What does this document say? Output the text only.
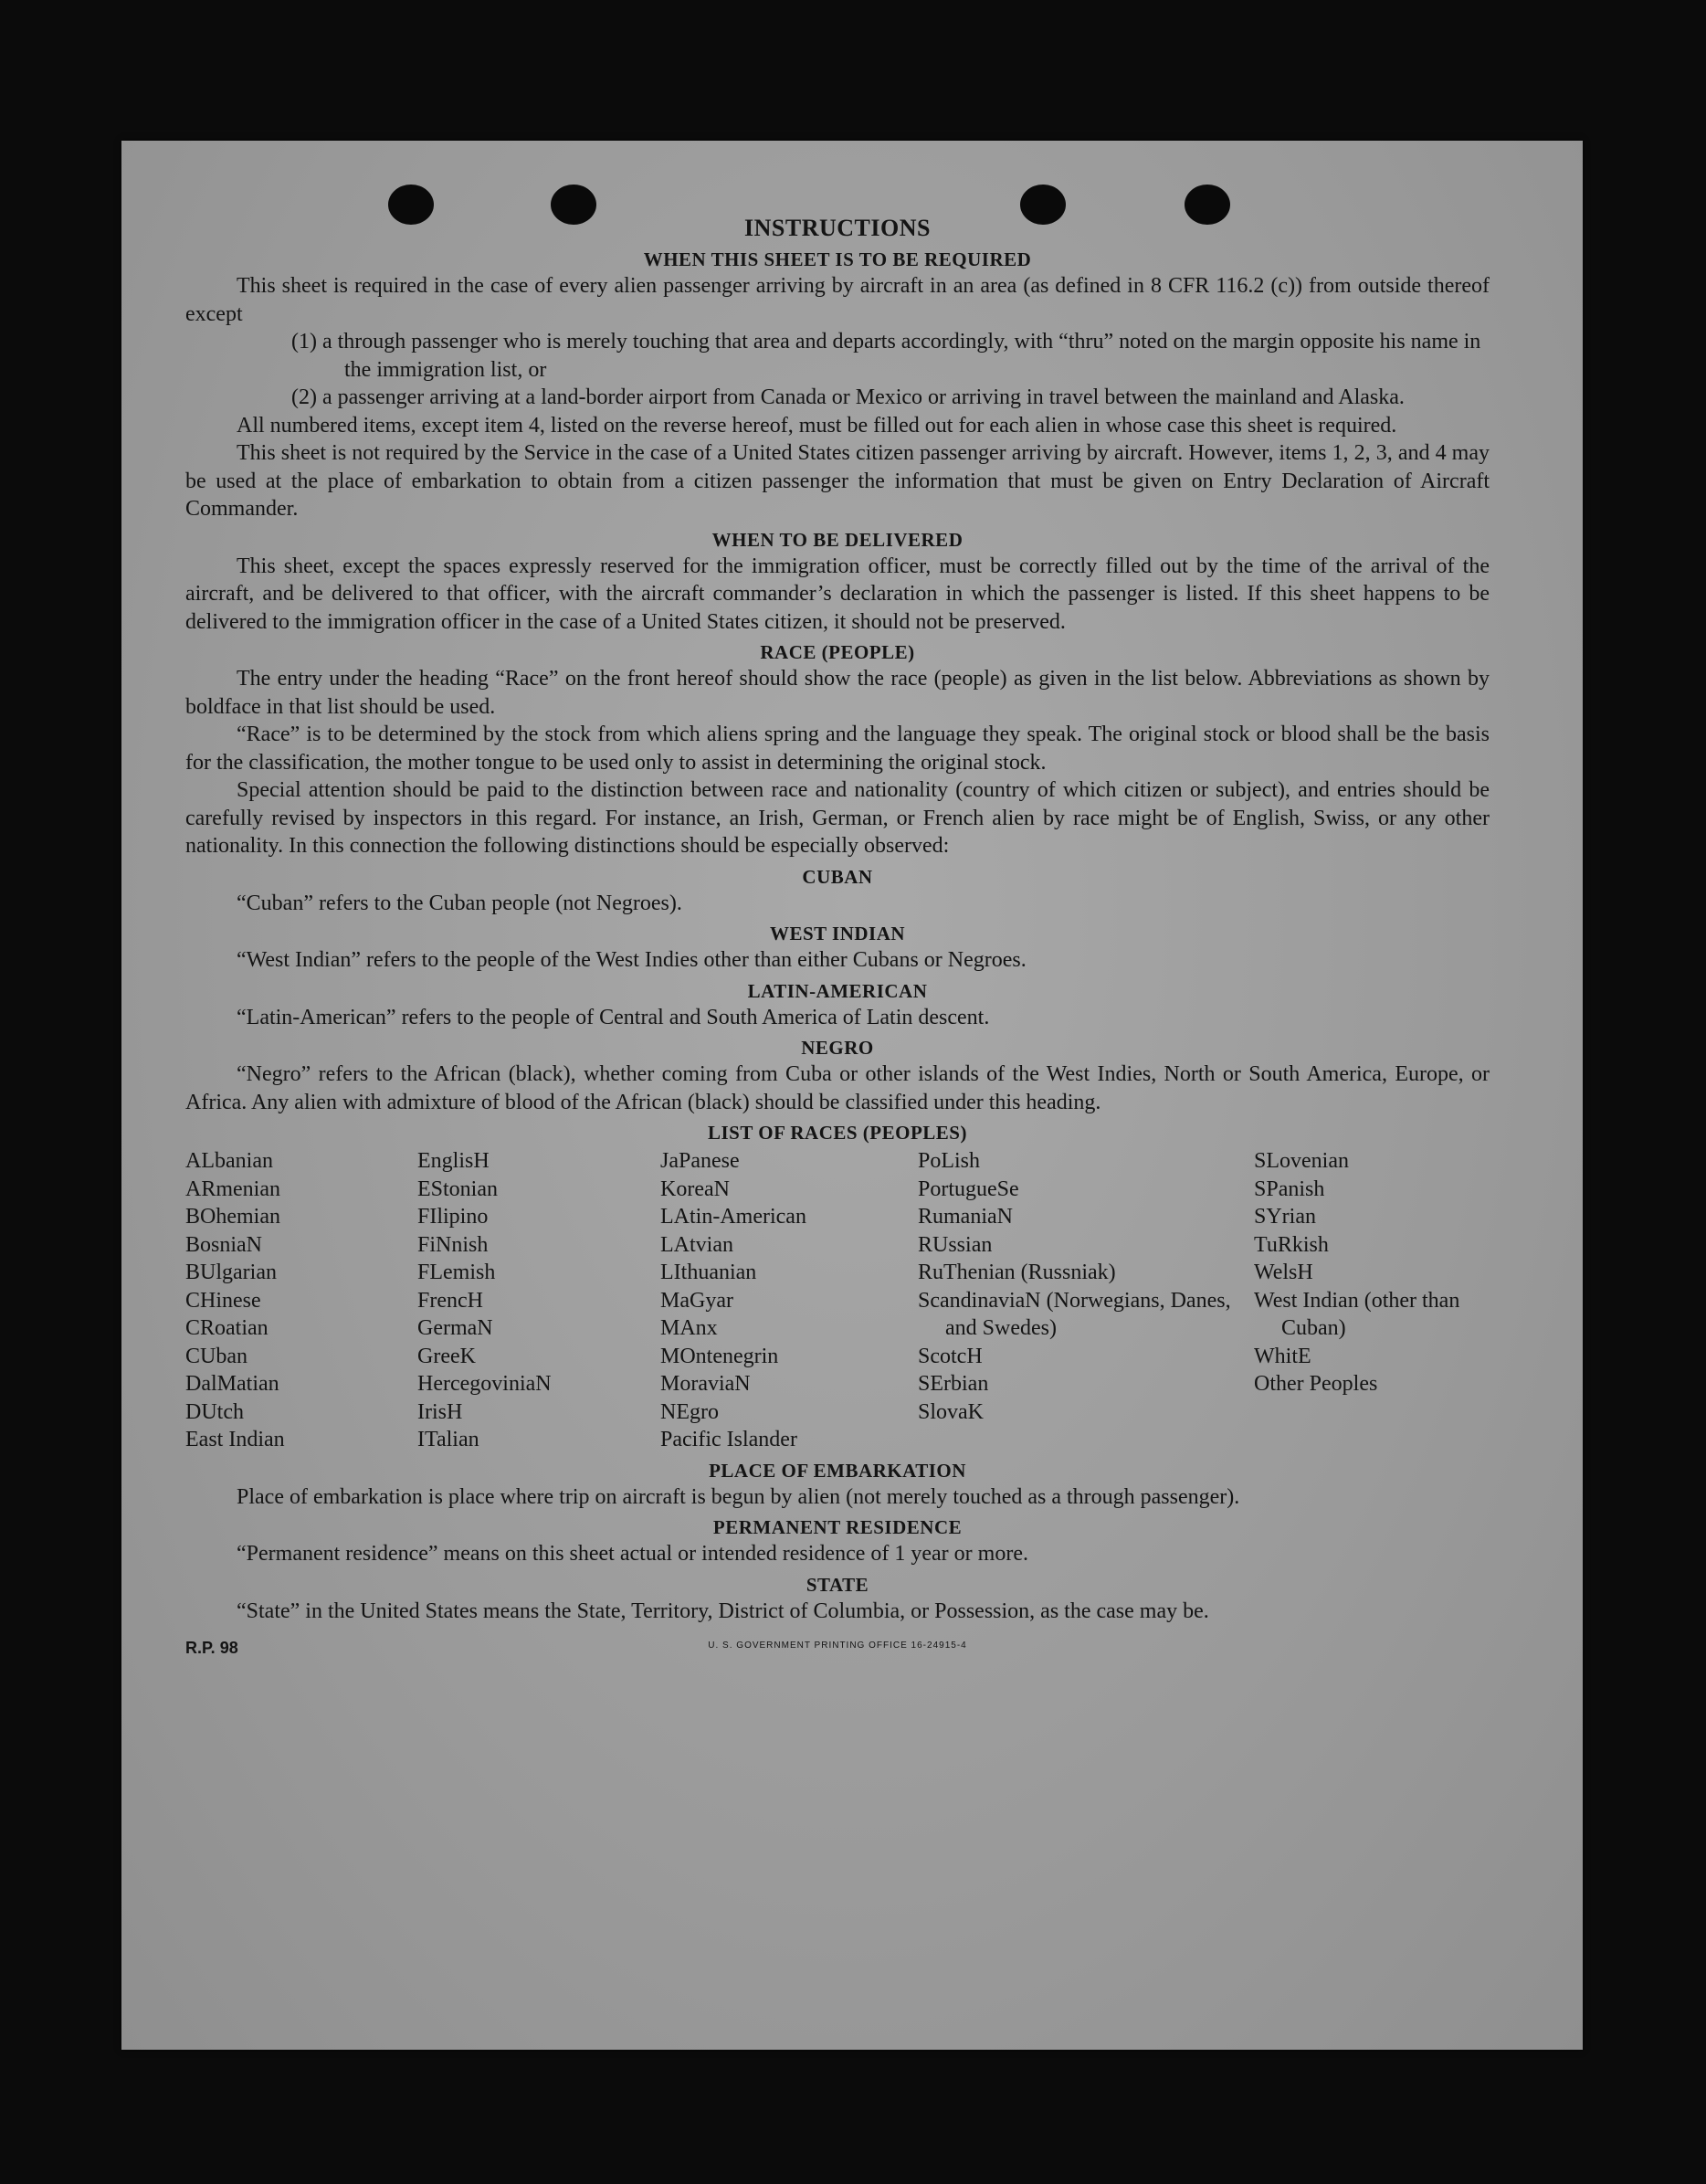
INSTRUCTIONS
WHEN THIS SHEET IS TO BE REQUIRED

This sheet is required in the case of every alien passenger arriving by aircraft in an area (as defined in 8 CFR 116.2 (c)) from outside thereof except

(1) a through passenger who is merely touching that area and departs accordingly, with “thru” noted on the margin opposite his name in the immigration list, or

(2) a passenger arriving at a land-border airport from Canada or Mexico or arriving in travel between the mainland and Alaska.

All numbered items, except item 4, listed on the reverse hereof, must be filled out for each alien in whose case this sheet is required.

This sheet is not required by the Service in the case of a United States citizen passenger arriving by aircraft. However, items 1, 2, 3, and 4 may be used at the place of embarkation to obtain from a citizen passenger the information that must be given on Entry Declaration of Aircraft Commander.

WHEN TO BE DELIVERED

This sheet, except the spaces expressly reserved for the immigration officer, must be correctly filled out by the time of the arrival of the aircraft, and be delivered to that officer, with the aircraft commander’s declaration in which the passenger is listed. If this sheet happens to be delivered to the immigration officer in the case of a United States citizen, it should not be preserved.

RACE (PEOPLE)

The entry under the heading “Race” on the front hereof should show the race (people) as given in the list below. Abbreviations as shown by boldface in that list should be used.

“Race” is to be determined by the stock from which aliens spring and the language they speak. The original stock or blood shall be the basis for the classification, the mother tongue to be used only to assist in determining the original stock.

Special attention should be paid to the distinction between race and nationality (country of which citizen or subject), and entries should be carefully revised by inspectors in this regard. For instance, an Irish, German, or French alien by race might be of English, Swiss, or any other nationality. In this connection the following distinctions should be especially observed:

CUBAN

“Cuban” refers to the Cuban people (not Negroes).

WEST INDIAN

“West Indian” refers to the people of the West Indies other than either Cubans or Negroes.

LATIN-AMERICAN

“Latin-American” refers to the people of Central and South America of Latin descent.

NEGRO

“Negro” refers to the African (black), whether coming from Cuba or other islands of the West Indies, North or South America, Europe, or Africa. Any alien with admixture of blood of the African (black) should be classified under this heading.

LIST OF RACES (PEOPLES)
ALbanian
ARmenian
BOhemian
BosniaN
BUlgarian
CHinese
CRoatian
CUban
DalMatian
DUtch
East Indian
EnglisH
EStonian
FIlipino
FiNnish
FLemish
FrencH
GermaN
GreeK
HercegoviniaN
IrisH
ITalian
JaPanese
KoreaN
LAtin-American
LAtvian
LIthuanian
MaGyar
MAnx
MOntenegrin
MoraviaN
NEgro
Pacific Islander
PoLish
PortugueSe
RumaniaN
RUssian
RuThenian (Russniak)
ScandinaviaN (Norwegians, Danes, and Swedes)
ScotcH
SErbian
SlovaK
SLovenian
SPanish
SYrian
TuRkish
WelsH
West Indian (other than Cuban)
WhitE
Other Peoples
PLACE OF EMBARKATION

Place of embarkation is place where trip on aircraft is begun by alien (not merely touched as a through passenger).

PERMANENT RESIDENCE

“Permanent residence” means on this sheet actual or intended residence of 1 year or more.

STATE

“State” in the United States means the State, Territory, District of Columbia, or Possession, as the case may be.

R.P. 98	U. S. GOVERNMENT PRINTING OFFICE 16-24915-4
